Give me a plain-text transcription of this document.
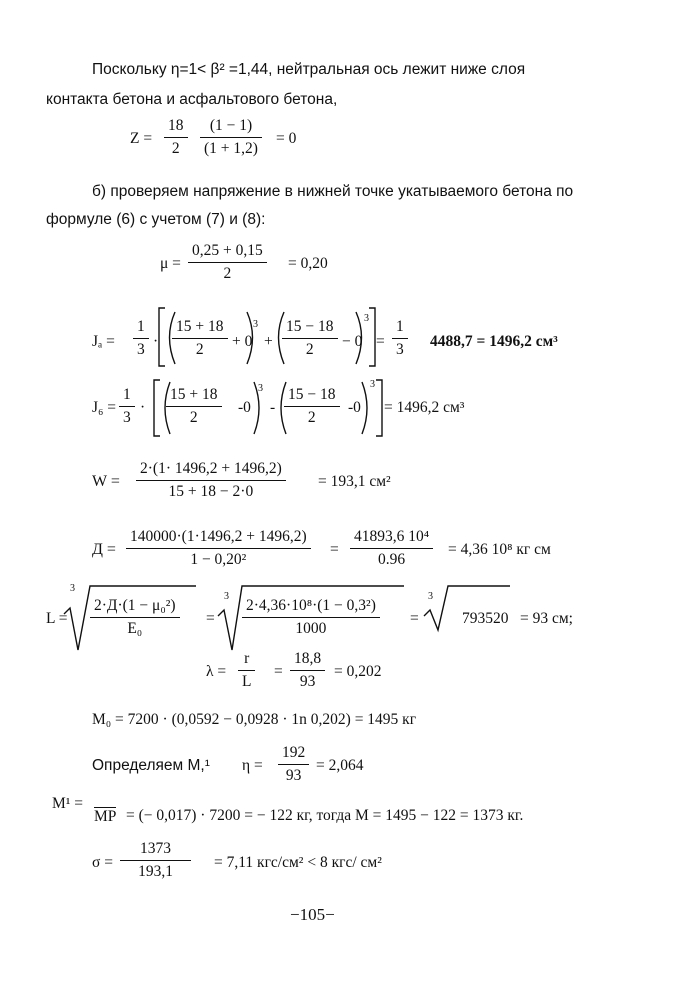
Поскольку η=1< β² =1,44, нейтральная ось лежит ниже слоя
контакта бетона и асфальтового бетона,
Z =
18
2
(1 − 1)
(1 + 1,2)
= 0
б) проверяем напряжение в нижней точке укатываемого бетона по
формуле (6) с учетом (7) и (8):
μ =
0,25 + 0,15
2
= 0,20
Jₐ =
1
3 ·
15 + 18
2 + 0
3
+
15 − 18
2 − 0
3
=
1
3 4488,7 = 1496,2 см³
J₆ =
1
3
·
15 + 18
2
-0
3
-
15 − 18
2
-0
3
= 1496,2 см³
W =
2·(1· 1496,2 + 1496,2)
15 + 18 − 2·0
= 193,1 см²
Д =
140000·(1·1496,2 + 1496,2)
1 − 0,20²
=
41893,6 10⁴
0.96
= 4,36 10⁸ кг см
L =
3
2·Д·(1 − μ₀²)
E₀
=
3
2·4,36·10⁸·(1 − 0,3²)
1000
=
3
793520 = 93 см;
λ =
r
L
=
18,8
93
= 0,202
M₀ = 7200 · (0,0592 − 0,0928 · 1n 0,202) = 1495 кг
Определяем M,¹ η =
192
93
= 2,064
M¹ =
MP = (− 0,017) · 7200 = − 122 кг, тогда М = 1495 − 122 = 1373 кг.
σ =
1373
193,1
= 7,11 кгс/см² < 8 кгс/ см²
−105−
